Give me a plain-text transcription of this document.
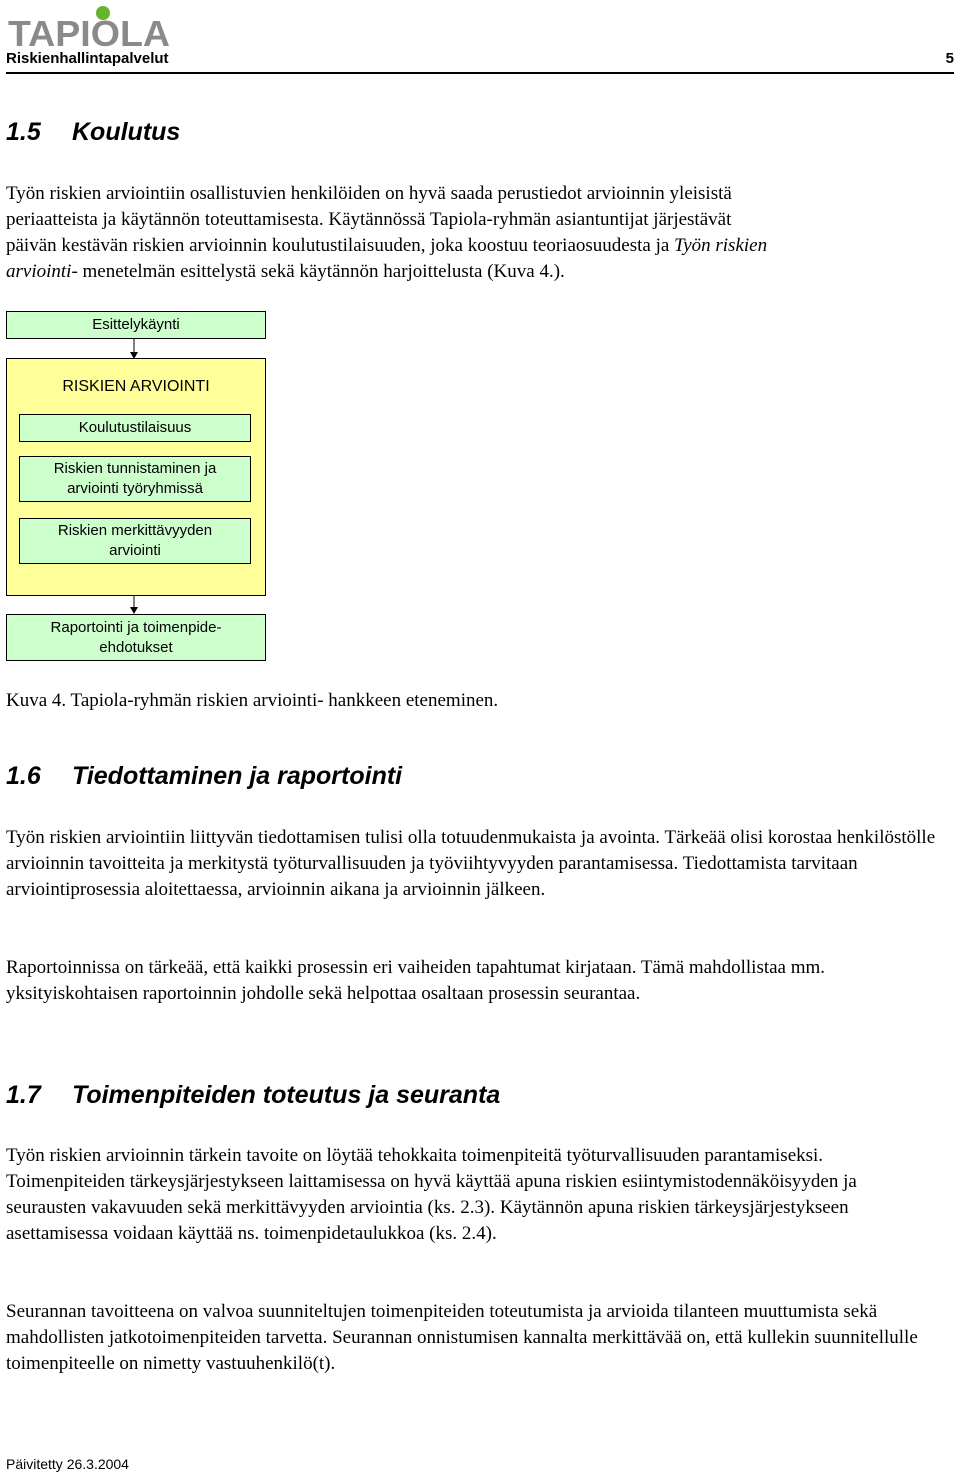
TAPIOLA
Riskienhallintapalvelut	5
1.5 Koulutus
Työn riskien arviointiin osallistuvien henkilöiden on hyvä saada perustiedot arvioinnin yleisistä
periaatteista ja käytännön toteuttamisesta. Käytännössä Tapiola-ryhmän asiantuntijat järjestävät
päivän kestävän riskien arvioinnin koulutustilaisuuden, joka koostuu teoriaosuudesta ja Työn riskien
arviointi- menetelmän esittelystä sekä käytännön harjoittelusta (Kuva 4.).
Esittelykäynti
RISKIEN ARVIOINTI
Koulutustilaisuus
Riskien tunnistaminen ja arviointi työryhmissä
Riskien merkittävyyden arviointi
Raportointi ja toimenpide-ehdotukset
Kuva 4. Tapiola-ryhmän riskien arviointi- hankkeen eteneminen.
1.6 Tiedottaminen ja raportointi

Työn riskien arviointiin liittyvän tiedottamisen tulisi olla totuudenmukaista ja avointa. Tärkeää olisi korostaa henkilöstölle arvioinnin tavoitteita ja merkitystä työturvallisuuden ja työviihtyvyyden parantamisessa. Tiedottamista tarvitaan arviointiprosessia aloitettaessa, arvioinnin aikana ja arvioinnin jälkeen.

Raportoinnissa on tärkeää, että kaikki prosessin eri vaiheiden tapahtumat kirjataan. Tämä mahdollistaa mm. yksityiskohtaisen raportoinnin johdolle sekä helpottaa osaltaan prosessin seurantaa.

1.7 Toimenpiteiden toteutus ja seuranta

Työn riskien arvioinnin tärkein tavoite on löytää tehokkaita toimenpiteitä työturvallisuuden parantamiseksi. Toimenpiteiden tärkeysjärjestykseen laittamisessa on hyvä käyttää apuna riskien esiintymistodennäköisyyden ja seurausten vakavuuden sekä merkittävyyden arviointia (ks. 2.3). Käytännön apuna riskien tärkeysjärjestykseen asettamisessa voidaan käyttää ns. toimenpidetaulukkoa (ks. 2.4).

Seurannan tavoitteena on valvoa suunniteltujen toimenpiteiden toteutumista ja arvioida tilanteen muuttumista sekä mahdollisten jatkotoimenpiteiden tarvetta. Seurannan onnistumisen kannalta merkittävää on, että kullekin suunnitellulle toimenpiteelle on nimetty vastuuhenkilö(t).

Päivitetty 26.3.2004
